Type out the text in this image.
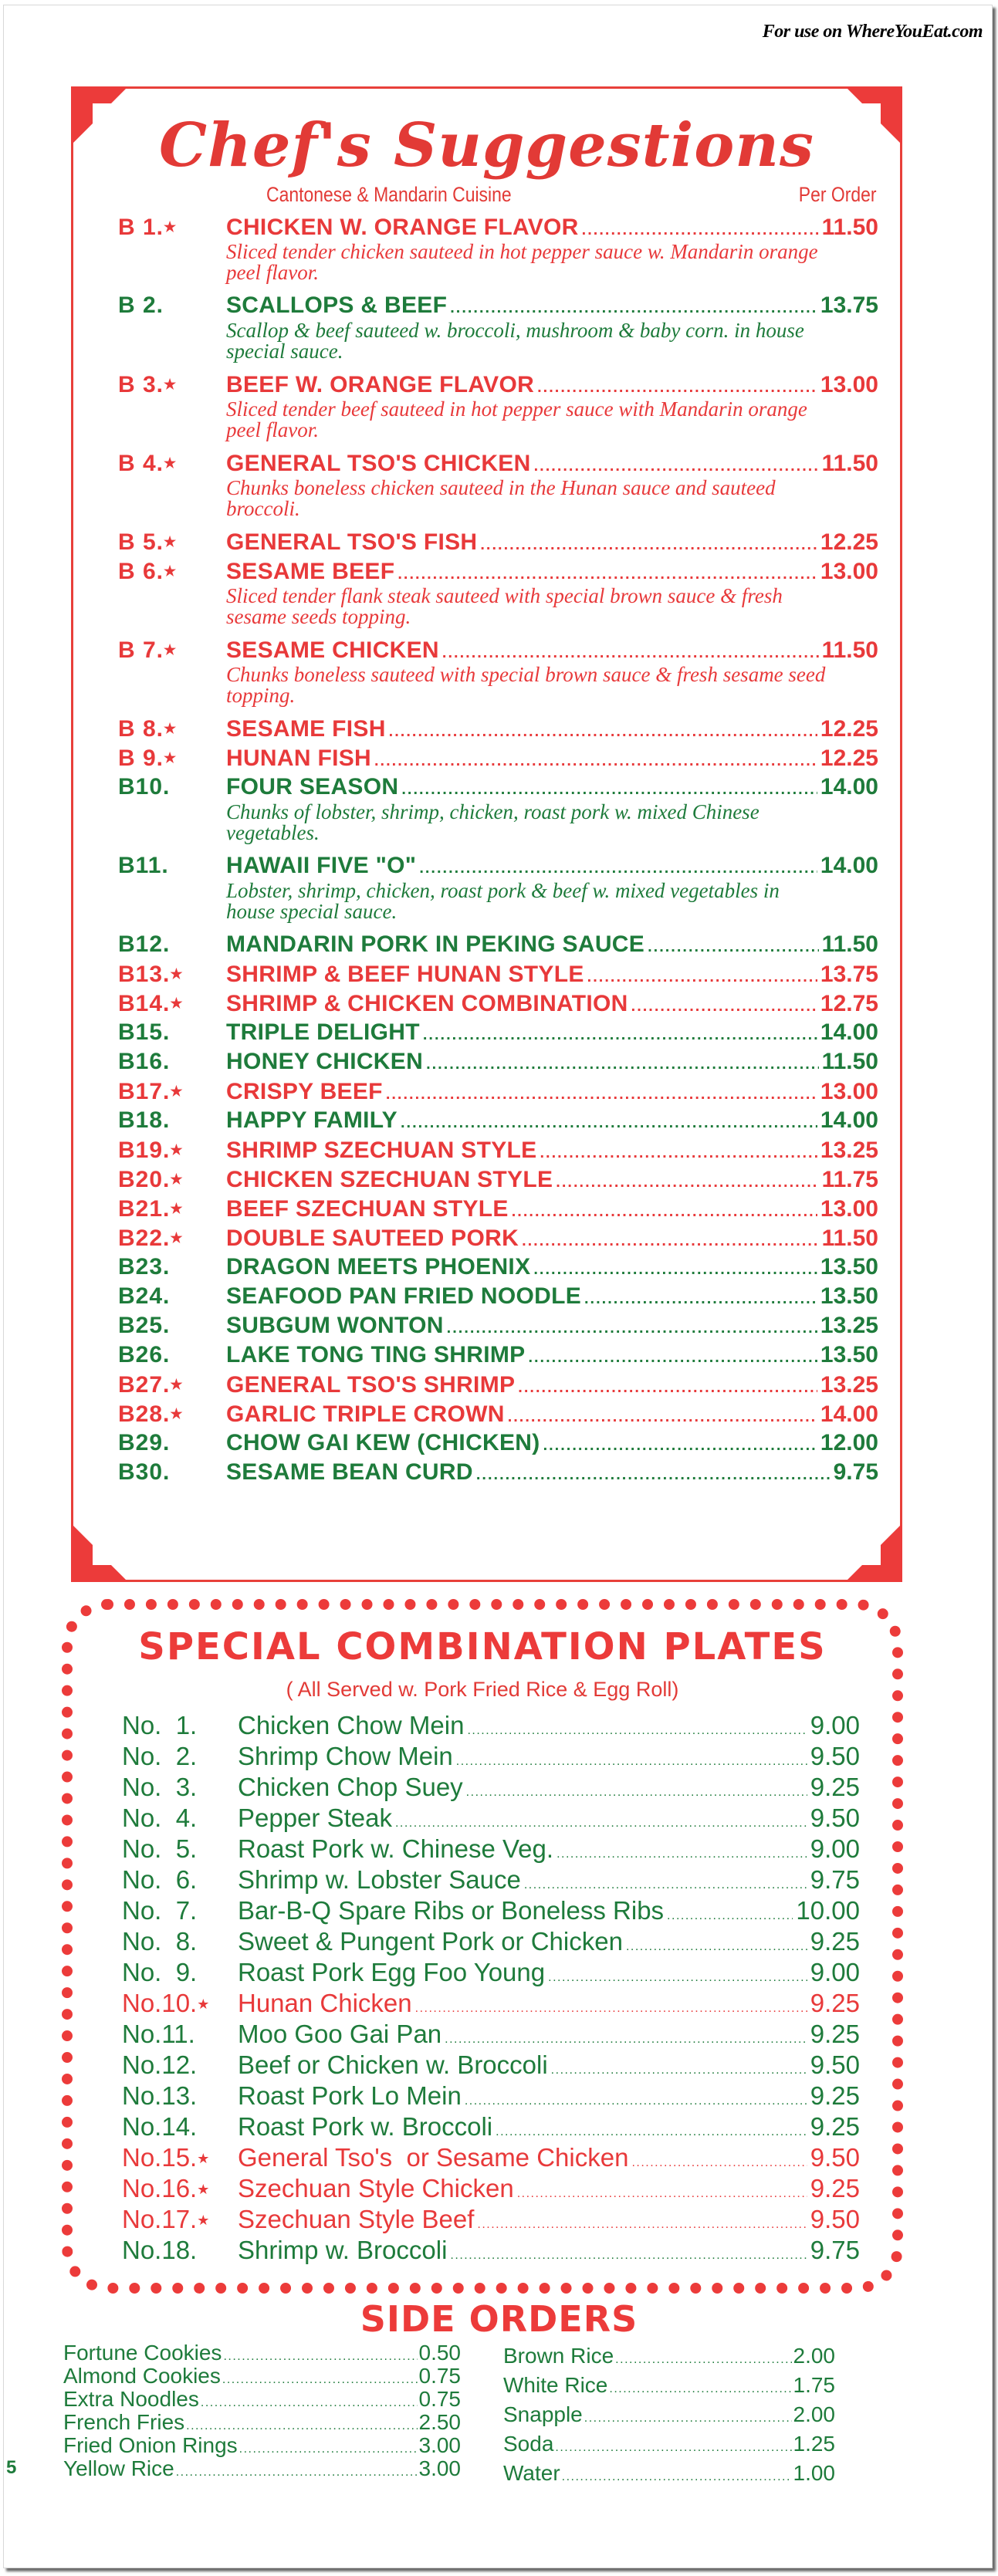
For use on WhereYouEat.com
Chef's Suggestions
Cantonese & Mandarin Cuisine	Per Order
B 1.★	CHICKEN W. ORANGE FLAVOR .....	11.50
Sliced tender chicken sauteed in hot pepper sauce w. Mandarin orange peel flavor.
B 2.	SCALLOPS & BEEF .....	13.75
Scallop & beef sauteed w. broccoli, mushroom & baby corn. in house special sauce.
B 3.★	BEEF W. ORANGE FLAVOR .....	13.00
Sliced tender beef sauteed in hot pepper sauce with Mandarin orange peel flavor.
B 4.★	GENERAL TSO'S CHICKEN .....	11.50
Chunks boneless chicken sauteed in the Hunan sauce and sauteed broccoli.
B 5.★	GENERAL TSO'S FISH .....	12.25
B 6.★	SESAME BEEF .....	13.00
Sliced tender flank steak sauteed with special brown sauce & fresh sesame seeds topping.
B 7.★	SESAME CHICKEN .....	11.50
Chunks boneless sauteed with special brown sauce & fresh sesame seed topping.
B 8.★	SESAME FISH .....	12.25
B 9.★	HUNAN FISH .....	12.25
B10.	FOUR SEASON .....	14.00
Chunks of lobster, shrimp, chicken, roast pork w. mixed Chinese vegetables.
B11.	HAWAII FIVE "O" .....	14.00
Lobster, shrimp, chicken, roast pork & beef w. mixed vegetables in house special sauce.
B12.	MANDARIN PORK IN PEKING SAUCE .....	11.50
B13.★	SHRIMP & BEEF HUNAN STYLE .....	13.75
B14.★	SHRIMP & CHICKEN COMBINATION .....	12.75
B15.	TRIPLE DELIGHT .....	14.00
B16.	HONEY CHICKEN .....	11.50
B17.★	CRISPY BEEF .....	13.00
B18.	HAPPY FAMILY .....	14.00
B19.★	SHRIMP SZECHUAN STYLE .....	13.25
B20.★	CHICKEN SZECHUAN STYLE .....	11.75
B21.★	BEEF SZECHUAN STYLE .....	13.00
B22.★	DOUBLE SAUTEED PORK .....	11.50
B23.	DRAGON MEETS PHOENIX .....	13.50
B24.	SEAFOOD PAN FRIED NOODLE .....	13.50
B25.	SUBGUM WONTON .....	13.25
B26.	LAKE TONG TING SHRIMP .....	13.50
B27.★	GENERAL TSO'S SHRIMP .....	13.25
B28.★	GARLIC TRIPLE CROWN .....	14.00
B29.	CHOW GAI KEW (CHICKEN) .....	12.00
B30.	SESAME BEAN CURD .....	9.75
SPECIAL COMBINATION PLATES
( All Served w. Pork Fried Rice & Egg Roll)
No.  1.	Chicken Chow Mein .....	9.00
No.  2.	Shrimp Chow Mein .....	9.50
No.  3.	Chicken Chop Suey .....	9.25
No.  4.	Pepper Steak .....	9.50
No.  5.	Roast Pork w. Chinese Veg. .....	9.00
No.  6.	Shrimp w. Lobster Sauce .....	9.75
No.  7.	Bar-B-Q Spare Ribs or Boneless Ribs .....	10.00
No.  8.	Sweet & Pungent Pork or Chicken .....	9.25
No.  9.	Roast Pork Egg Foo Young .....	9.00
No.10.★	Hunan Chicken .....	9.25
No.11.	Moo Goo Gai Pan .....	9.25
No.12.	Beef or Chicken w. Broccoli .....	9.50
No.13.	Roast Pork Lo Mein .....	9.25
No.14.	Roast Pork w. Broccoli .....	9.25
No.15.★	General Tso's  or Sesame Chicken .....	9.50
No.16.★	Szechuan Style Chicken .....	9.25
No.17.★	Szechuan Style Beef .....	9.50
No.18.	Shrimp w. Broccoli .....	9.75
SIDE ORDERS
Fortune Cookies .....	0.50
Almond Cookies .....	0.75
Extra Noodles .....	0.75
French Fries .....	2.50
Fried Onion Rings .....	3.00
Yellow Rice .....	3.00
Brown Rice .....	2.00
White Rice .....	1.75
Snapple .....	2.00
Soda .....	1.25
Water .....	1.00
5
